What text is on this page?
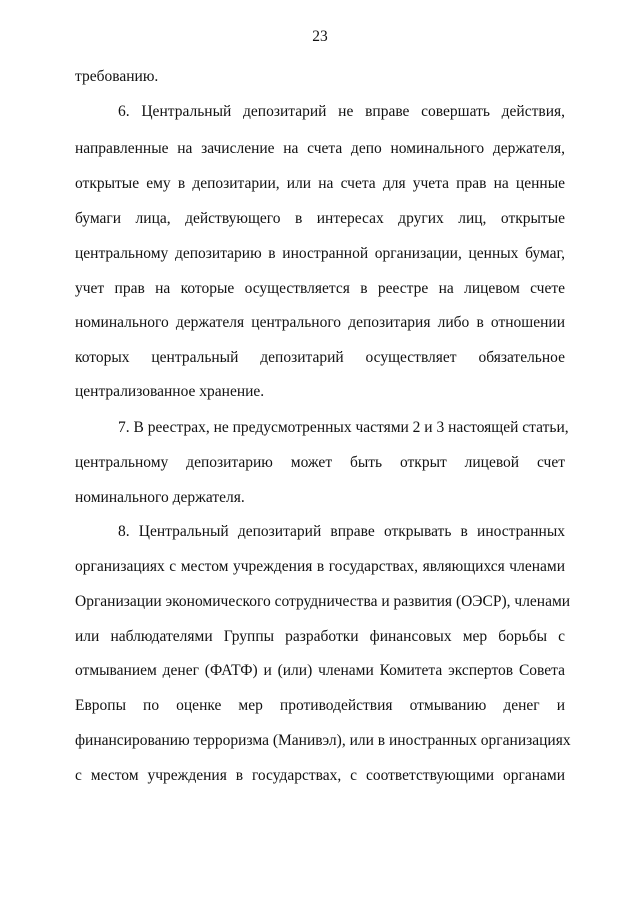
23
требованию.
6. Центральный депозитарий не вправе совершать действия,
направленные на зачисление на счета депо номинального держателя,
открытые ему в депозитарии, или на счета для учета прав на ценные
бумаги лица, действующего в интересах других лиц, открытые
центральному депозитарию в иностранной организации, ценных бумаг,
учет прав на которые осуществляется в реестре на лицевом счете
номинального держателя центрального депозитария либо в отношении
которых центральный депозитарий осуществляет обязательное
централизованное хранение.
7. В реестрах, не предусмотренных частями 2 и 3 настоящей статьи,
центральному депозитарию может быть открыт лицевой счет
номинального держателя.
8. Центральный депозитарий вправе открывать в иностранных
организациях с местом учреждения в государствах, являющихся членами
Организации экономического сотрудничества и развития (ОЭСР), членами
или наблюдателями Группы разработки финансовых мер борьбы с
отмыванием денег (ФАТФ) и (или) членами Комитета экспертов Совета
Европы по оценке мер противодействия отмыванию денег и
финансированию терроризма (Манивэл), или в иностранных организациях
с местом учреждения в государствах, с соответствующими органами
